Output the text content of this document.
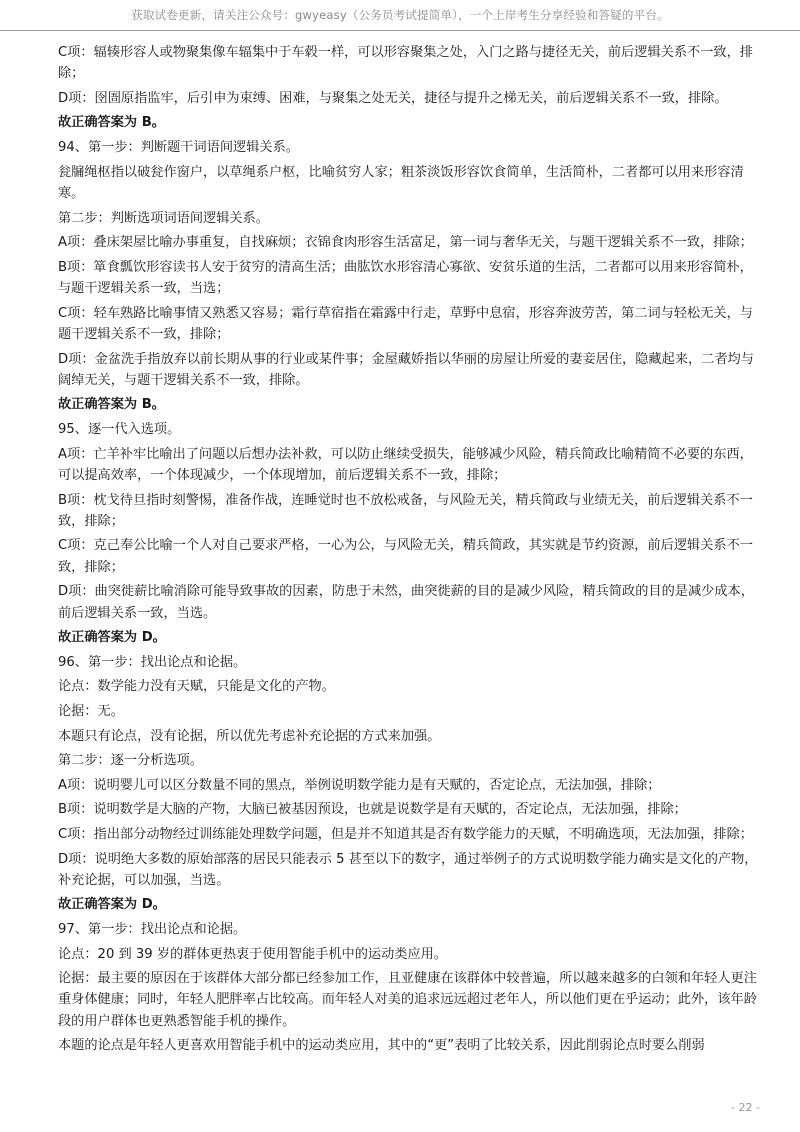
获取试卷更新，请关注公众号：gwyeasy（公务员考试提简单），一个上岸考生分享经验和答疑的平台。

C项：辐辏形容人或物聚集像车辐集中于车毂一样，可以形容聚集之处，入门之路与捷径无关，前后逻辑关系不一致，排除；

D项：囹圄原指监牢，后引申为束缚、困难，与聚集之处无关，捷径与提升之梯无关，前后逻辑关系不一致，排除。

故正确答案为 B。

94、第一步：判断题干词语间逻辑关系。

瓮牖绳枢指以破瓮作窗户，以草绳系户枢，比喻贫穷人家；粗茶淡饭形容饮食简单，生活简朴，二者都可以用来形容清寒。

第二步：判断选项词语间逻辑关系。

A项：叠床架屋比喻办事重复，自找麻烦；衣锦食肉形容生活富足，第一词与奢华无关，与题干逻辑关系不一致，排除；

B项：箪食瓢饮形容读书人安于贫穷的清高生活；曲肱饮水形容清心寡欲、安贫乐道的生活，二者都可以用来形容简朴，与题干逻辑关系一致，当选；

C项：轻车熟路比喻事情又熟悉又容易；霜行草宿指在霜露中行走，草野中息宿，形容奔波劳苦，第二词与轻松无关，与题干逻辑关系不一致，排除；

D项：金盆洗手指放弃以前长期从事的行业或某件事；金屋藏娇指以华丽的房屋让所爱的妻妾居住，隐藏起来，二者均与阔绰无关，与题干逻辑关系不一致，排除。

故正确答案为 B。

95、逐一代入选项。

A项：亡羊补牢比喻出了问题以后想办法补救，可以防止继续受损失，能够减少风险，精兵简政比喻精简不必要的东西，可以提高效率，一个体现减少，一个体现增加，前后逻辑关系不一致，排除；

B项：枕戈待旦指时刻警惕，准备作战，连睡觉时也不放松戒备，与风险无关，精兵简政与业绩无关，前后逻辑关系不一致，排除；

C项：克己奉公比喻一个人对自己要求严格，一心为公，与风险无关，精兵简政，其实就是节约资源，前后逻辑关系不一致，排除；

D项：曲突徙薪比喻消除可能导致事故的因素，防患于未然，曲突徙薪的目的是减少风险，精兵简政的目的是减少成本，前后逻辑关系一致，当选。

故正确答案为 D。

96、第一步：找出论点和论据。

论点：数学能力没有天赋，只能是文化的产物。

论据：无。

本题只有论点，没有论据，所以优先考虑补充论据的方式来加强。

第二步：逐一分析选项。

A项：说明婴儿可以区分数量不同的黑点，举例说明数学能力是有天赋的，否定论点，无法加强，排除；

B项：说明数学是大脑的产物，大脑已被基因预设，也就是说数学是有天赋的，否定论点，无法加强，排除；

C项：指出部分动物经过训练能处理数学问题，但是并不知道其是否有数学能力的天赋，不明确选项，无法加强，排除；

D项：说明绝大多数的原始部落的居民只能表示 5 甚至以下的数字，通过举例子的方式说明数学能力确实是文化的产物，补充论据，可以加强，当选。

故正确答案为 D。

97、第一步：找出论点和论据。

论点：20 到 39 岁的群体更热衷于使用智能手机中的运动类应用。

论据：最主要的原因在于该群体大部分都已经参加工作，且亚健康在该群体中较普遍，所以越来越多的白领和年轻人更注重身体健康；同时，年轻人肥胖率占比较高。而年轻人对美的追求远远超过老年人，所以他们更在乎运动；此外，该年龄段的用户群体也更熟悉智能手机的操作。

本题的论点是年轻人更喜欢用智能手机中的运动类应用，其中的“更”表明了比较关系，因此削弱论点时要么削弱

- 22 -
